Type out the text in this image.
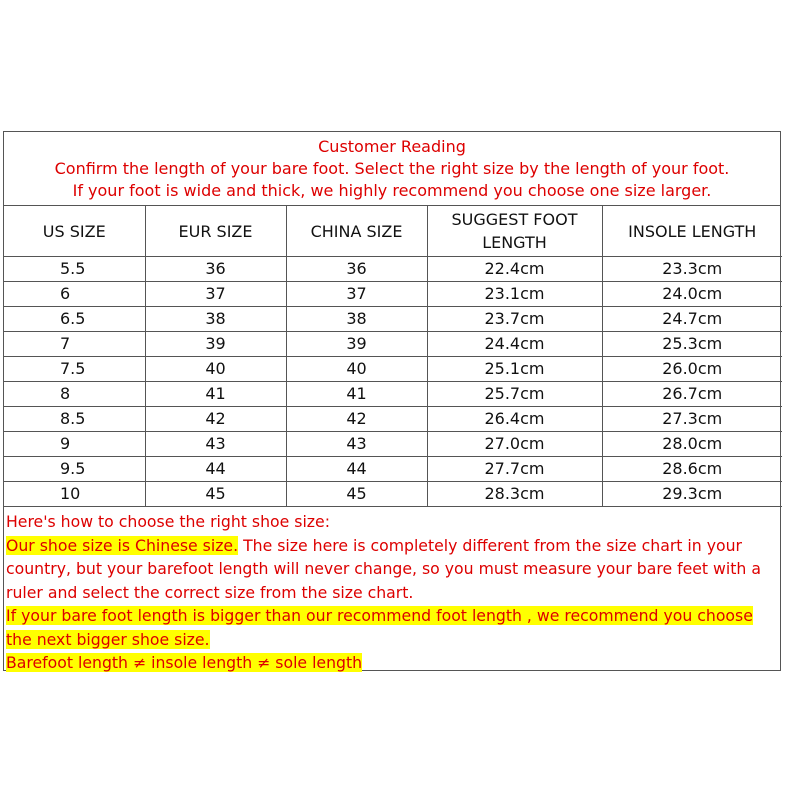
Customer Reading
Confirm the length of your bare foot. Select the right size by the length of your foot.
If your foot is wide and thick, we highly recommend you choose one size larger.
US SIZE	EUR SIZE	CHINA SIZE	SUGGEST FOOT LENGTH	INSOLE LENGTH
5.5	36	36	22.4cm	23.3cm
6	37	37	23.1cm	24.0cm
6.5	38	38	23.7cm	24.7cm
7	39	39	24.4cm	25.3cm
7.5	40	40	25.1cm	26.0cm
8	41	41	25.7cm	26.7cm
8.5	42	42	26.4cm	27.3cm
9	43	43	27.0cm	28.0cm
9.5	44	44	27.7cm	28.6cm
10	45	45	28.3cm	29.3cm

Here's how to choose the right shoe size:

Our shoe size is Chinese size. The size here is completely different from the size chart in your country, but your barefoot length will never change, so you must measure your bare feet with a ruler and select the correct size from the size chart.

If your bare foot length is bigger than our recommend foot length , we recommend you choose the next bigger shoe size.

Barefoot length ≠ insole length ≠ sole length
